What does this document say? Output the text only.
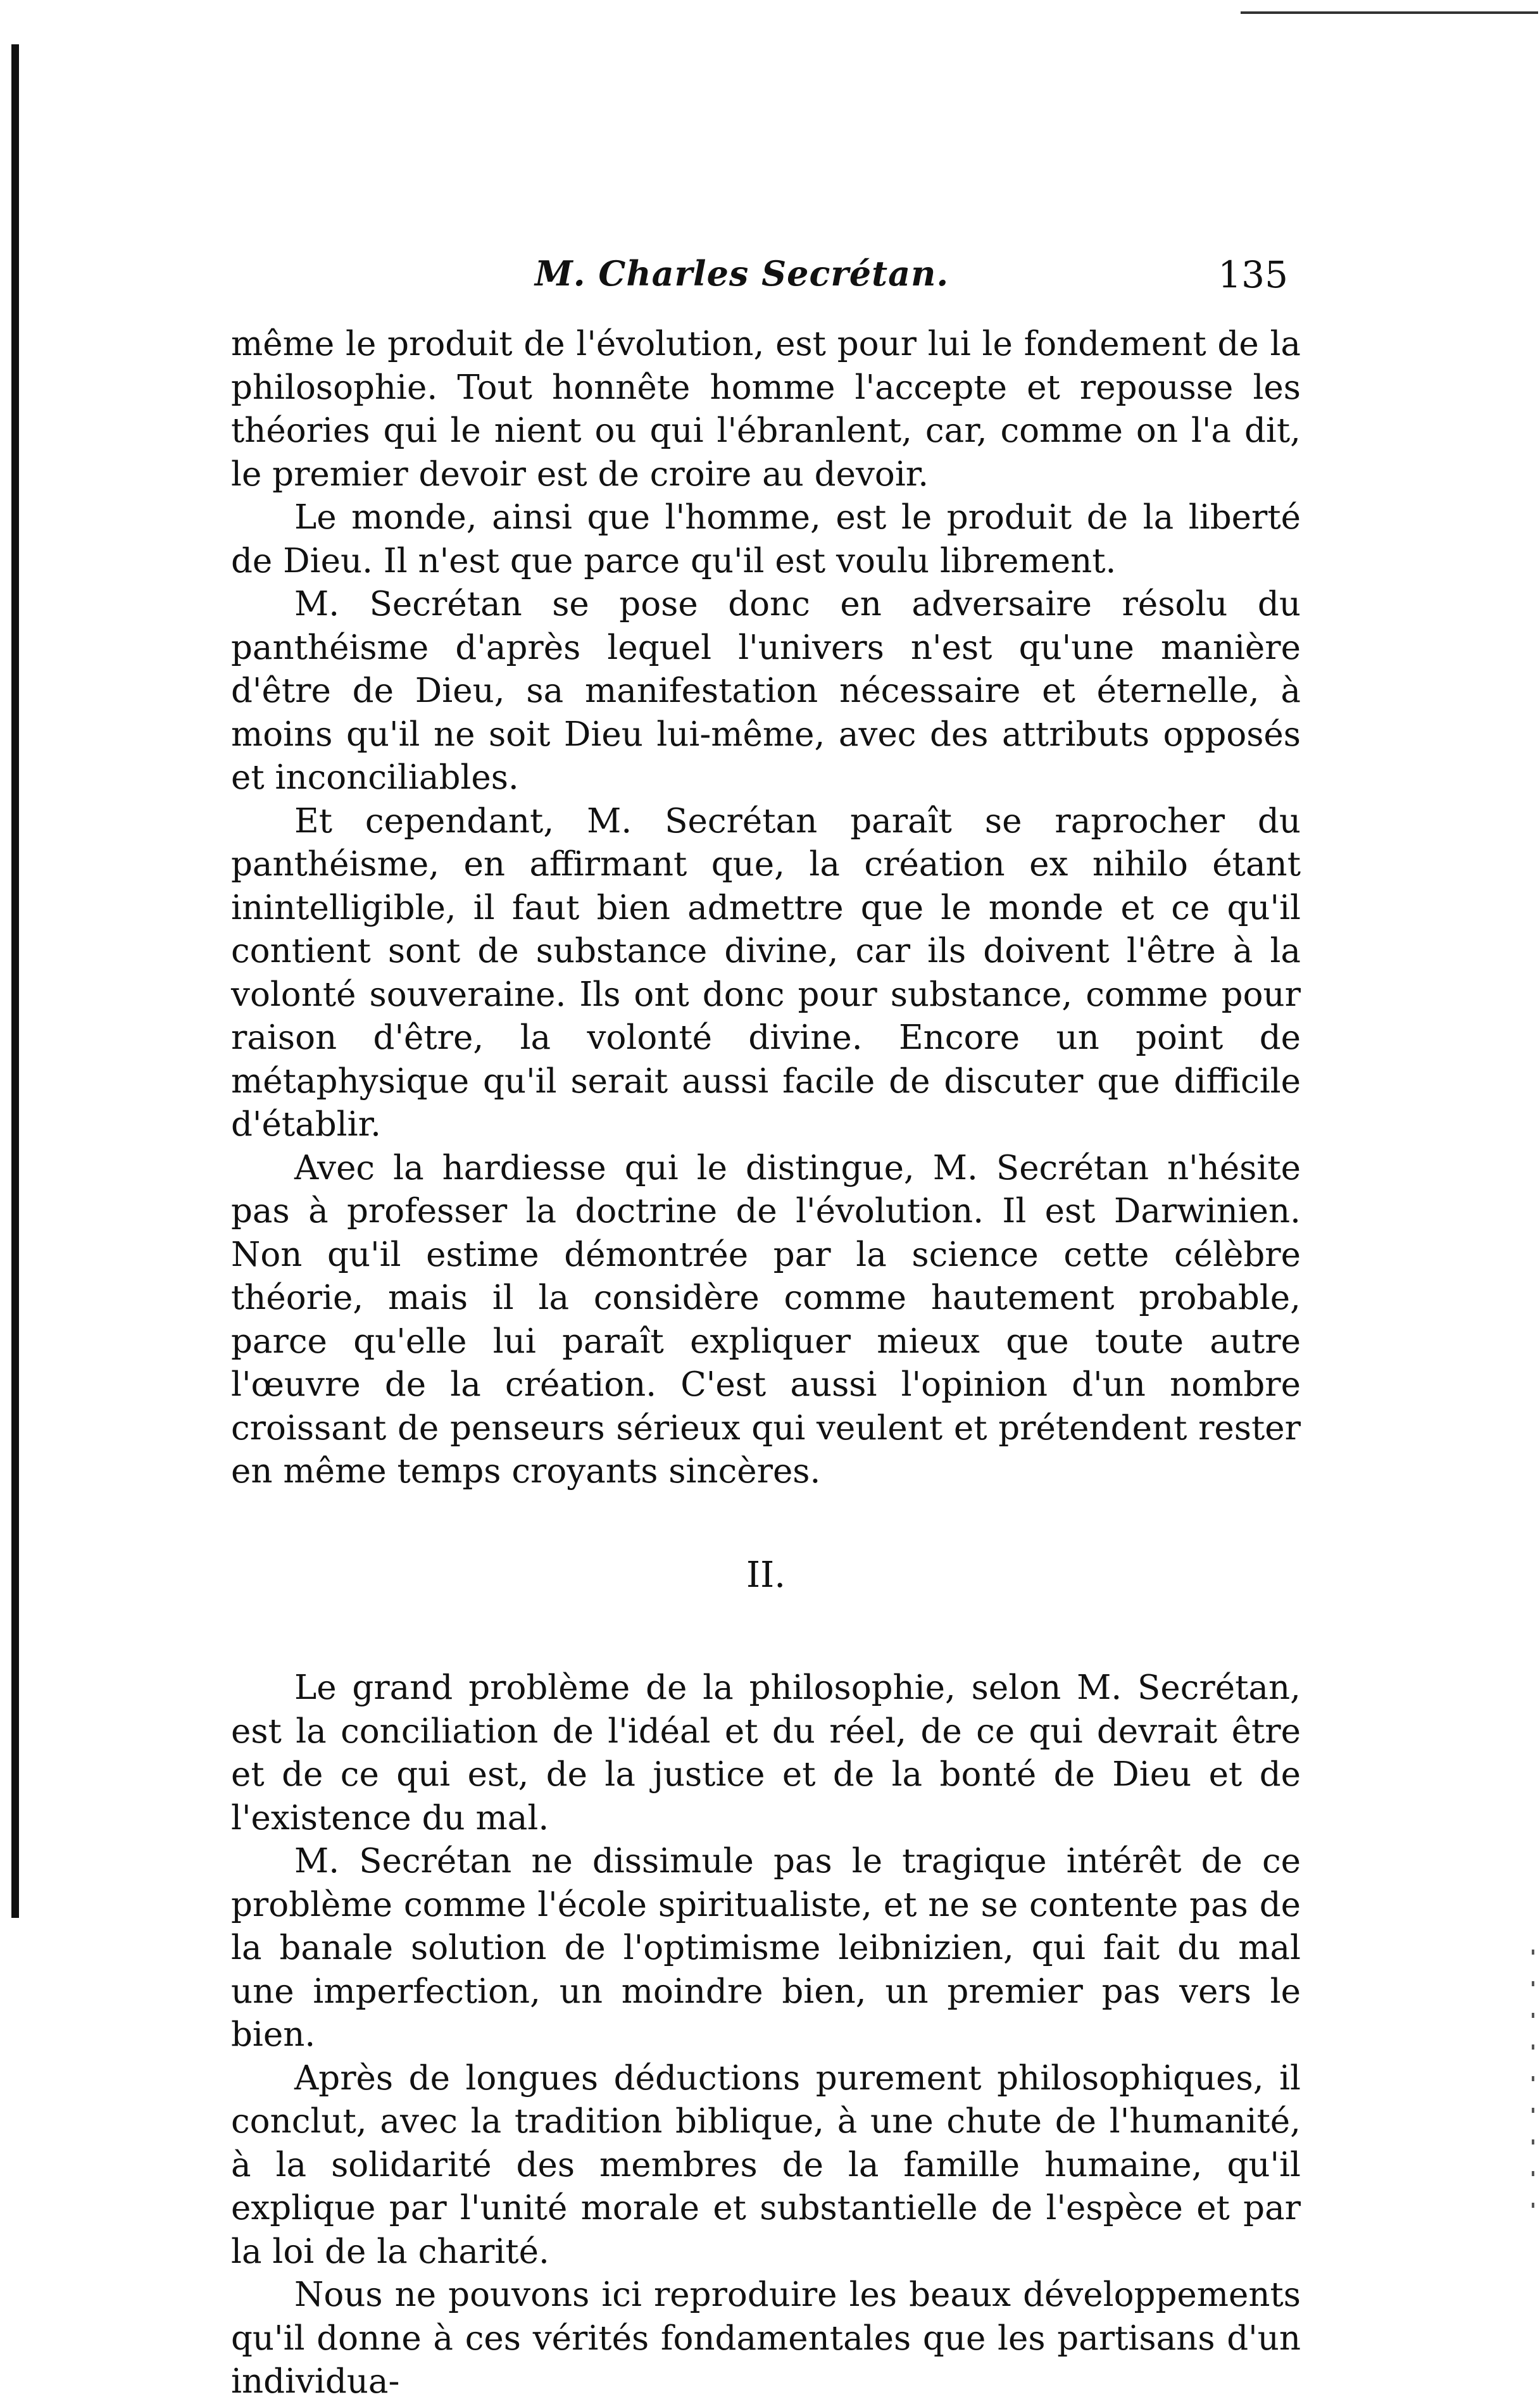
M. Charles Secrétan.	135

même le produit de l'évolution, est pour lui le fondement de la philosophie. Tout honnête homme l'accepte et repousse les théories qui le nient ou qui l'ébranlent, car, comme on l'a dit, le premier devoir est de croire au devoir.

Le monde, ainsi que l'homme, est le produit de la liberté de Dieu. Il n'est que parce qu'il est voulu librement.

M. Secrétan se pose donc en adversaire résolu du panthéisme d'après lequel l'univers n'est qu'une manière d'être de Dieu, sa manifestation nécessaire et éternelle, à moins qu'il ne soit Dieu lui-même, avec des attributs opposés et inconciliables.

Et cependant, M. Secrétan paraît se raprocher du panthéisme, en affirmant que, la création ex nihilo étant inintelligible, il faut bien admettre que le monde et ce qu'il contient sont de substance divine, car ils doivent l'être à la volonté souveraine. Ils ont donc pour substance, comme pour raison d'être, la volonté divine. Encore un point de métaphysique qu'il serait aussi facile de discuter que difficile d'établir.

Avec la hardiesse qui le distingue, M. Secrétan n'hésite pas à professer la doctrine de l'évolution. Il est Darwinien. Non qu'il estime démontrée par la science cette célèbre théorie, mais il la considère comme hautement probable, parce qu'elle lui paraît expliquer mieux que toute autre l'œuvre de la création. C'est aussi l'opinion d'un nombre croissant de penseurs sérieux qui veulent et prétendent rester en même temps croyants sincères.

II.

Le grand problème de la philosophie, selon M. Secrétan, est la conciliation de l'idéal et du réel, de ce qui devrait être et de ce qui est, de la justice et de la bonté de Dieu et de l'existence du mal.

M. Secrétan ne dissimule pas le tragique intérêt de ce problème comme l'école spiritualiste, et ne se contente pas de la banale solution de l'optimisme leibnizien, qui fait du mal une imperfection, un moindre bien, un premier pas vers le bien.

Après de longues déductions purement philosophiques, il conclut, avec la tradition biblique, à une chute de l'humanité, à la solidarité des membres de la famille humaine, qu'il explique par l'unité morale et substantielle de l'espèce et par la loi de la charité.

Nous ne pouvons ici reproduire les beaux développements qu'il donne à ces vérités fondamentales que les partisans d'un individua-
